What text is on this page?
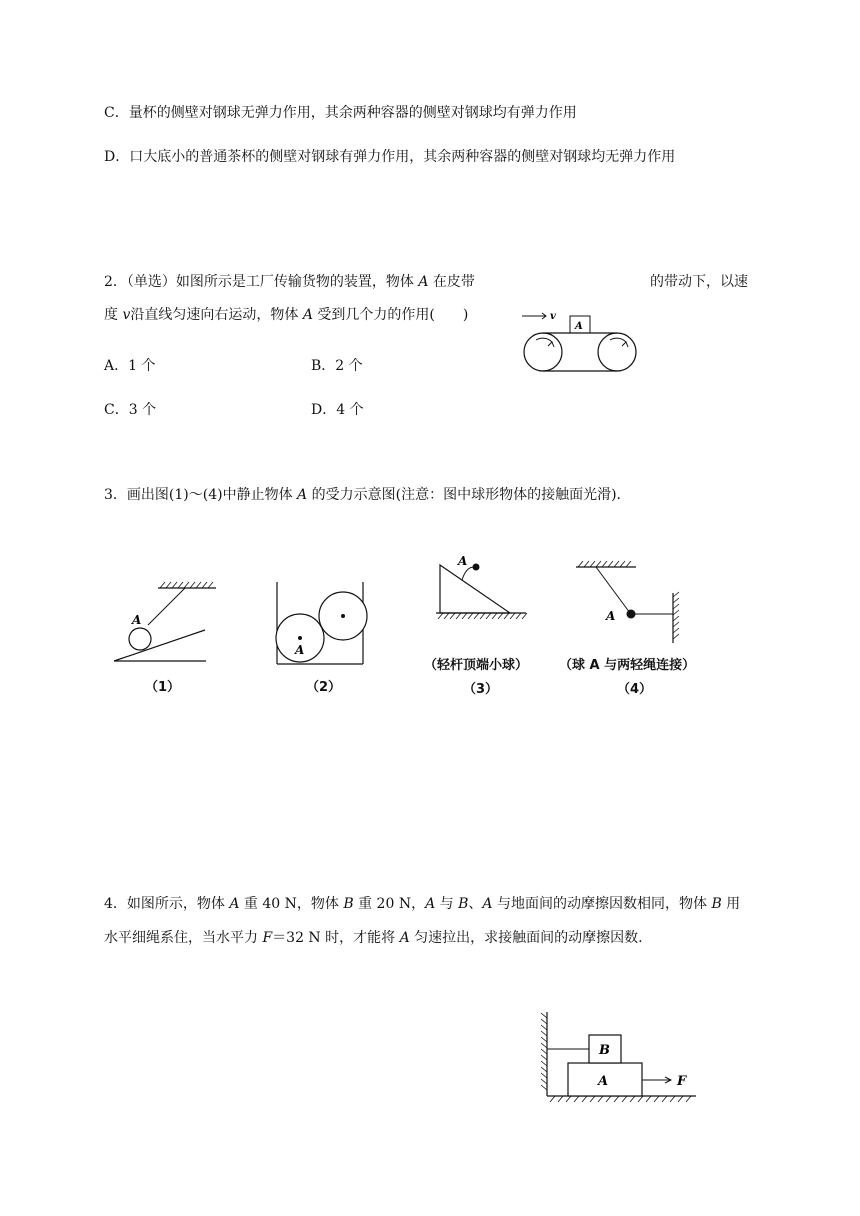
C．量杯的侧壁对钢球无弹力作用，其余两种容器的侧壁对钢球均有弹力作用
D．口大底小的普通茶杯的侧壁对钢球有弹力作用，其余两种容器的侧壁对钢球均无弹力作用
2．（单选）如图所示是工厂传输货物的装置，物体 A 在皮带	的带动下，以速
度 v沿直线匀速向右运动，物体 A 受到几个力的作用(　　)
A．1 个	B．2 个
C．3 个	D．4 个
v
A
3．画出图(1)～(4)中静止物体 A 的受力示意图(注意：图中球形物体的接触面光滑).
A
（1）
A
（2）
A
（轻杆顶端小球）
（3）
A
（球 A 与两轻绳连接）
（4）
4．如图所示，物体 A 重 40 N，物体 B 重 20 N，A 与 B、A 与地面间的动摩擦因数相同，物体 B 用
水平细绳系住，当水平力 F＝32 N 时，才能将 A 匀速拉出，求接触面间的动摩擦因数.
B
A	F
